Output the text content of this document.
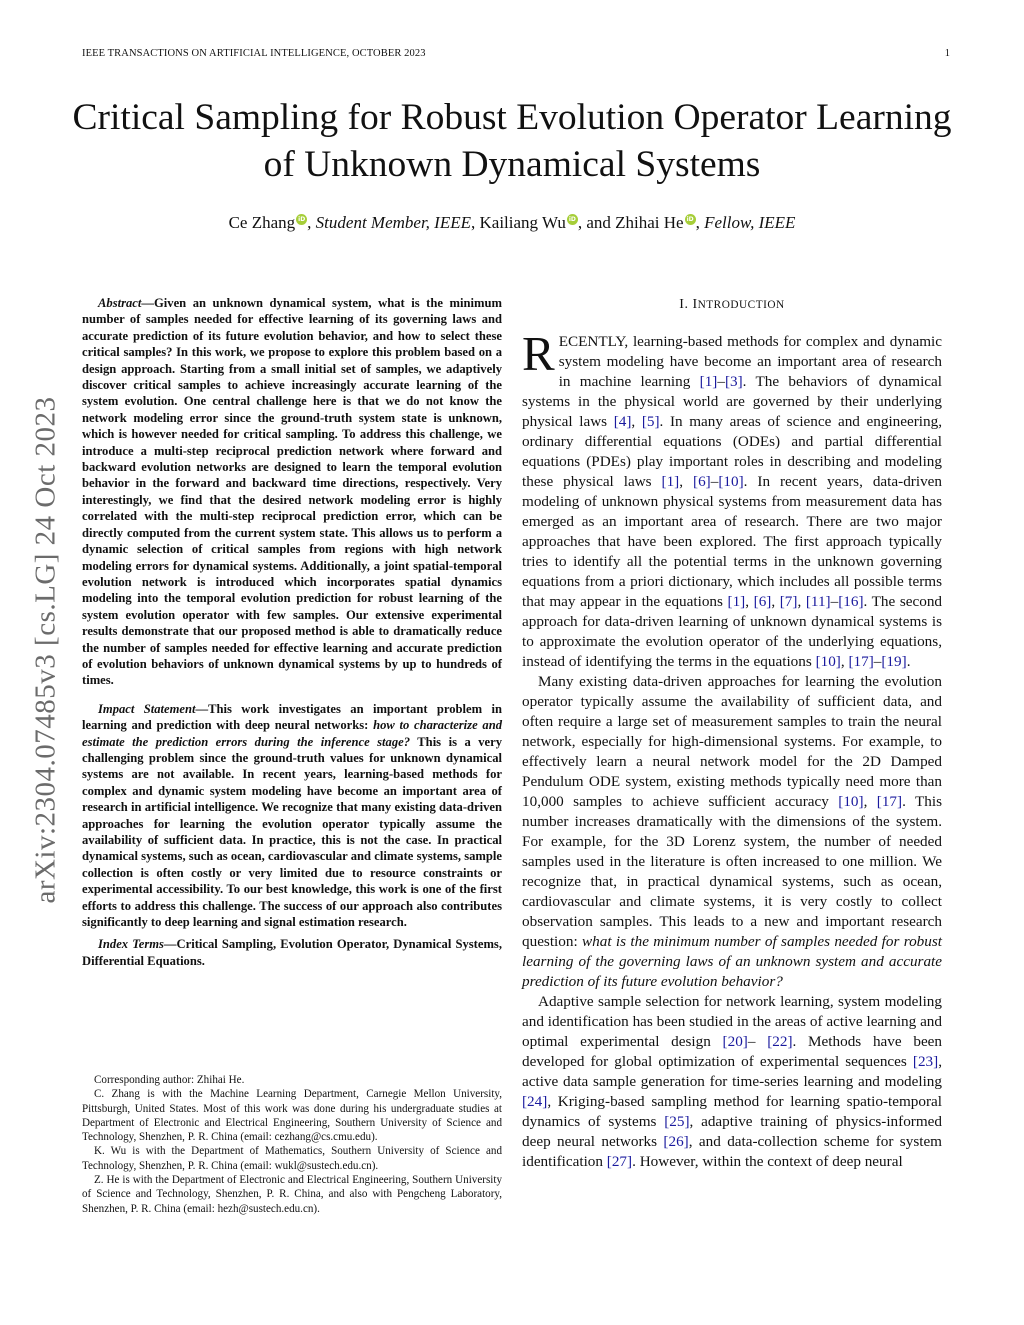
IEEE TRANSACTIONS ON ARTIFICIAL INTELLIGENCE, OCTOBER 2023	1
Critical Sampling for Robust Evolution Operator Learning of Unknown Dynamical Systems
Ce Zhang iD , Student Member, IEEE, Kailiang Wu iD , and Zhihai He iD , Fellow, IEEE
arXiv:2304.07485v3 [cs.LG] 24 Oct 2023

Abstract—Given an unknown dynamical system, what is the minimum number of samples needed for effective learning of its governing laws and accurate prediction of its future evolution behavior, and how to select these critical samples? In this work, we propose to explore this problem based on a design approach. Starting from a small initial set of samples, we adaptively discover critical samples to achieve increasingly accurate learning of the system evolution. One central challenge here is that we do not know the network modeling error since the ground-truth system state is unknown, which is however needed for critical sampling. To address this challenge, we introduce a multi-step reciprocal prediction network where forward and backward evolution networks are designed to learn the temporal evolution behavior in the forward and backward time directions, respectively. Very interestingly, we find that the desired network modeling error is highly correlated with the multi-step reciprocal prediction error, which can be directly computed from the current system state. This allows us to perform a dynamic selection of critical samples from regions with high network modeling errors for dynamical systems. Additionally, a joint spatial-temporal evolution network is introduced which incorporates spatial dynamics modeling into the temporal evolution prediction for robust learning of the system evolution operator with few samples. Our extensive experimental results demonstrate that our proposed method is able to dramatically reduce the number of samples needed for effective learning and accurate prediction of evolution behaviors of unknown dynamical systems by up to hundreds of times.

Impact Statement—This work investigates an important problem in learning and prediction with deep neural networks: how to characterize and estimate the prediction errors during the inference stage? This is a very challenging problem since the ground-truth values for unknown dynamical systems are not available. In recent years, learning-based methods for complex and dynamic system modeling have become an important area of research in artificial intelligence. We recognize that many existing data-driven approaches for learning the evolution operator typically assume the availability of sufficient data. In practice, this is not the case. In practical dynamical systems, such as ocean, cardiovascular and climate systems, sample collection is often costly or very limited due to resource constraints or experimental accessibility. To our best knowledge, this work is one of the first efforts to address this challenge. The success of our approach also contributes significantly to deep learning and signal estimation research.

Index Terms—Critical Sampling, Evolution Operator, Dynamical Systems, Differential Equations.

Corresponding author: Zhihai He.

C. Zhang is with the Machine Learning Department, Carnegie Mellon University, Pittsburgh, United States. Most of this work was done during his undergraduate studies at Department of Electronic and Electrical Engineering, Southern University of Science and Technology, Shenzhen, P. R. China (email: cezhang@cs.cmu.edu).

K. Wu is with the Department of Mathematics, Southern University of Science and Technology, Shenzhen, P. R. China (email: wukl@sustech.edu.cn).

Z. He is with the Department of Electronic and Electrical Engineering, Southern University of Science and Technology, Shenzhen, P. R. China, and also with Pengcheng Laboratory, Shenzhen, P. R. China (email: hezh@sustech.edu.cn).

I. INTRODUCTION

RECENTLY, learning-based methods for complex and dynamic system modeling have become an important area of research in machine learning [1]–[3]. The behaviors of dynamical systems in the physical world are governed by their underlying physical laws [4], [5]. In many areas of science and engineering, ordinary differential equations (ODEs) and partial differential equations (PDEs) play important roles in describing and modeling these physical laws [1], [6]–[10]. In recent years, data-driven modeling of unknown physical systems from measurement data has emerged as an important area of research. There are two major approaches that have been explored. The first approach typically tries to identify all the potential terms in the unknown governing equations from a priori dictionary, which includes all possible terms that may appear in the equations [1], [6], [7], [11]–[16]. The second approach for data-driven learning of unknown dynamical systems is to approximate the evolution operator of the underlying equations, instead of identifying the terms in the equations [10], [17]–[19].

Many existing data-driven approaches for learning the evolution operator typically assume the availability of sufficient data, and often require a large set of measurement samples to train the neural network, especially for high-dimensional systems. For example, to effectively learn a neural network model for the 2D Damped Pendulum ODE system, existing methods typically need more than 10,000 samples to achieve sufficient accuracy [10], [17]. This number increases dramatically with the dimensions of the system. For example, for the 3D Lorenz system, the number of needed samples used in the literature is often increased to one million. We recognize that, in practical dynamical systems, such as ocean, cardiovascular and climate systems, it is very costly to collect observation samples. This leads to a new and important research question: what is the minimum number of samples needed for robust learning of the governing laws of an unknown system and accurate prediction of its future evolution behavior?

Adaptive sample selection for network learning, system modeling and identification has been studied in the areas of active learning and optimal experimental design [20]– [22]. Methods have been developed for global optimization of experimental sequences [23], active data sample generation for time-series learning and modeling [24], Kriging-based sampling method for learning spatio-temporal dynamics of systems [25], adaptive training of physics-informed deep neural networks [26], and data-collection scheme for system identification [27]. However, within the context of deep neural
